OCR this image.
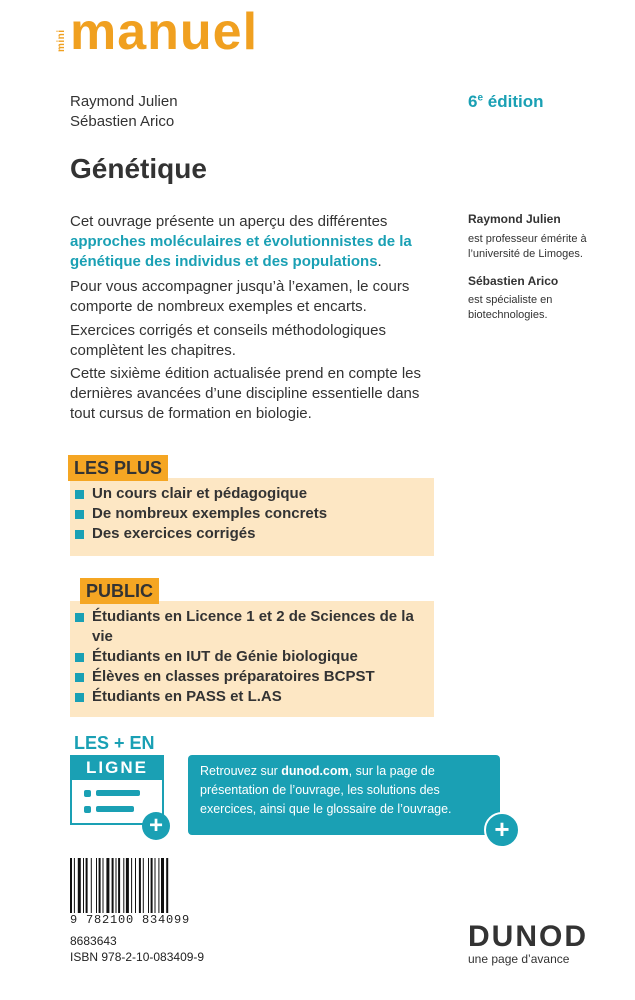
mini manuel
Raymond Julien
Sébastien Arico
6e édition
Génétique
Cet ouvrage présente un aperçu des différentes approches moléculaires et évolutionnistes de la génétique des individus et des populations.
Pour vous accompagner jusqu’à l’examen, le cours comporte de nombreux exemples et encarts.
Exercices corrigés et conseils méthodologiques complètent les chapitres.
Cette sixième édition actualisée prend en compte les dernières avancées d’une discipline essentielle dans tout cursus de formation en biologie.
Raymond Julien
est professeur émérite à l’université de Limoges.
Sébastien Arico
est spécialiste en biotechnologies.
Un cours clair et pédagogique
De nombreux exemples concrets
Des exercices corrigés
LES PLUS
Étudiants en Licence 1 et 2 de Sciences de la vie
Étudiants en IUT de Génie biologique
Élèves en classes préparatoires BCPST
Étudiants en PASS et L.AS
PUBLIC
LES + EN
LIGNE
+
Retrouvez sur dunod.com, sur la page de présentation de l’ouvrage, les solutions des exercices, ainsi que le glossaire de l’ouvrage.
+
9 782100 834099
8683643
ISBN 978-2-10-083409-9
DUNOD
une page d’avance
